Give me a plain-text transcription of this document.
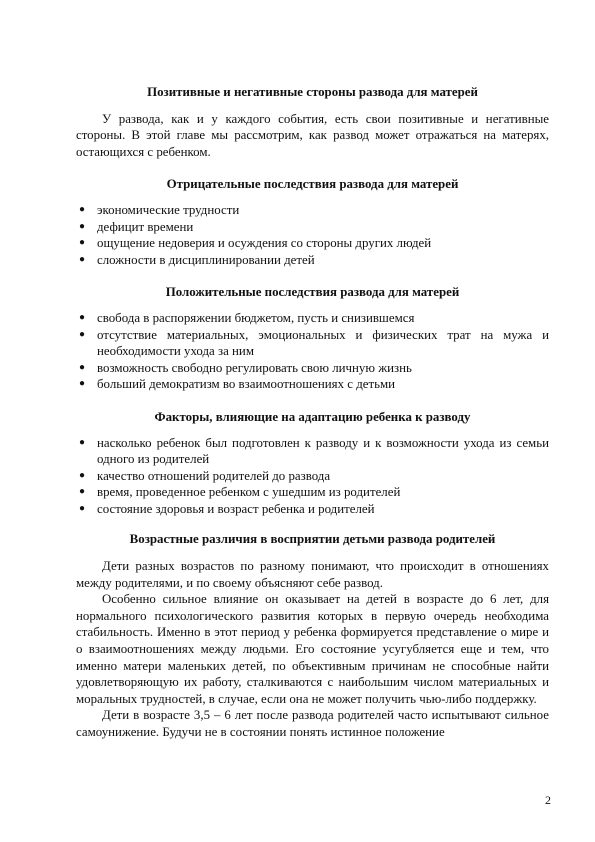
Позитивные и негативные стороны развода для матерей

У развода, как и у каждого события, есть свои позитивные и негативные стороны. В этой главе мы рассмотрим, как развод может отражаться на матерях, остающихся с ребенком.

Отрицательные последствия развода для матерей

● экономические трудности
● дефицит времени
● ощущение недоверия и осуждения со стороны других людей
● сложности в дисциплинировании детей

Положительные последствия развода для матерей

● свобода в распоряжении бюджетом, пусть и снизившемся
● отсутствие материальных, эмоциональных и физических трат на мужа и необходимости ухода за ним
● возможность свободно регулировать свою личную жизнь
● больший демократизм во взаимоотношениях с детьми

Факторы, влияющие на адаптацию ребенка к разводу

● насколько ребенок был подготовлен к разводу и к возможности ухода из семьи одного из родителей
● качество отношений родителей до развода
● время, проведенное ребенком с ушедшим из родителей
● состояние здоровья и возраст ребенка и родителей

Возрастные различия в восприятии детьми развода родителей

Дети разных возрастов по разному понимают, что происходит в отношениях между родителями, и по своему объясняют себе развод.

Особенно сильное влияние он оказывает на детей в возрасте до 6 лет, для нормального психологического развития которых в первую очередь необходима стабильность. Именно в этот период у ребенка формируется представление о мире и о взаимоотношениях между людьми. Его состояние усугубляется еще и тем, что именно матери маленьких детей, по объективным причинам не способные найти удовлетворяющую их работу, сталкиваются с наибольшим числом материальных и моральных трудностей, в случае, если она не может получить чью-либо поддержку.

Дети в возрасте 3,5 – 6 лет после развода родителей часто испытывают сильное самоунижение. Будучи не в состоянии понять истинное положение

2
